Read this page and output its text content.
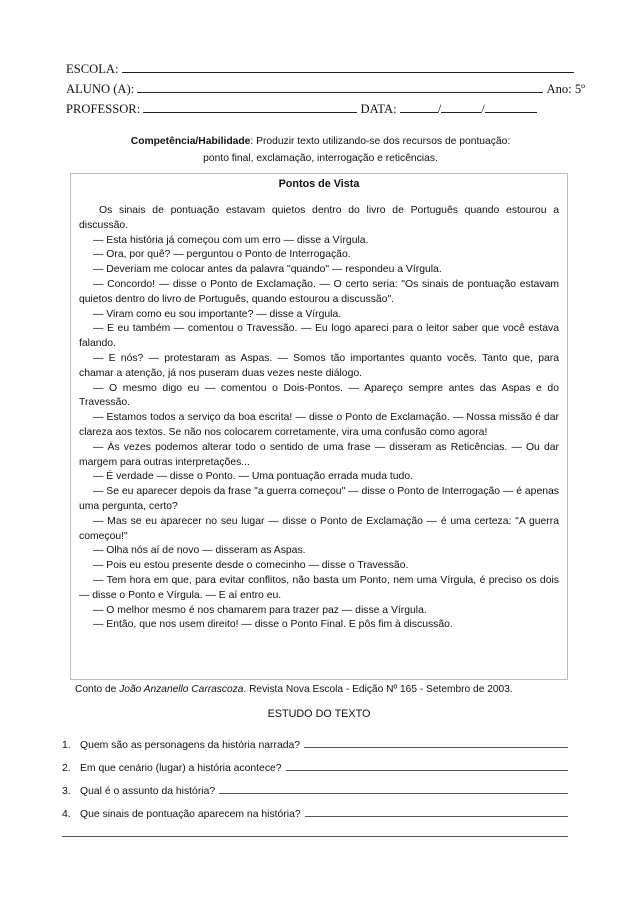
ESCOLA:
ALUNO (A):	Ano: 5º
PROFESSOR:	DATA:	/	/
Competência/Habilidade: Produzir texto utilizando-se dos recursos de pontuação:
ponto final, exclamação, interrogação e reticências.
Pontos de Vista

Os sinais de pontuação estavam quietos dentro do livro de Português quando estourou a discussão.

— Esta história já começou com um erro — disse a Vírgula.

— Ora, por quê? — perguntou o Ponto de Interrogação.

— Deveriam me colocar antes da palavra "quando" — respondeu a Vírgula.

— Concordo! — disse o Ponto de Exclamação. — O certo seria: "Os sinais de pontuação estavam quietos dentro do livro de Português, quando estourou a discussão".

— Viram como eu sou importante? — disse a Vírgula.

— E eu também — comentou o Travessão. — Eu logo apareci para o leitor saber que você estava falando.

— E nós? — protestaram as Aspas. — Somos tão importantes quanto vocês. Tanto que, para chamar a atenção, já nos puseram duas vezes neste diálogo.

— O mesmo digo eu — comentou o Dois-Pontos. — Apareço sempre antes das Aspas e do Travessão.

— Estamos todos a serviço da boa escrita! — disse o Ponto de Exclamação. — Nossa missão é dar clareza aos textos. Se não nos colocarem corretamente, vira uma confusão como agora!

— Às vezes podemos alterar todo o sentido de uma frase — disseram as Reticências. — Ou dar margem para outras interpretações...

— É verdade — disse o Ponto. — Uma pontuação errada muda tudo.

— Se eu aparecer depois da frase "a guerra começou" — disse o Ponto de Interrogação — é apenas uma pergunta, certo?

— Mas se eu aparecer no seu lugar — disse o Ponto de Exclamação — é uma certeza: "A guerra começou!"

— Olha nós aí de novo — disseram as Aspas.

— Pois eu estou presente desde o comecinho — disse o Travessão.

— Tem hora em que, para evitar conflitos, não basta um Ponto, nem uma Vírgula, é preciso os dois — disse o Ponto e Vírgula. — E aí entro eu.

— O melhor mesmo é nos chamarem para trazer paz — disse a Vírgula.

— Então, que nos usem direito! — disse o Ponto Final. E pôs fim à discussão.

Conto de João Anzanello Carrascoza. Revista Nova Escola - Edição Nº 165 - Setembro de 2003.
ESTUDO DO TEXTO
1. Quem são as personagens da história narrada?
2. Em que cenário (lugar) a história acontece?
3. Qual é o assunto da história?
4. Que sinais de pontuação aparecem na história?
